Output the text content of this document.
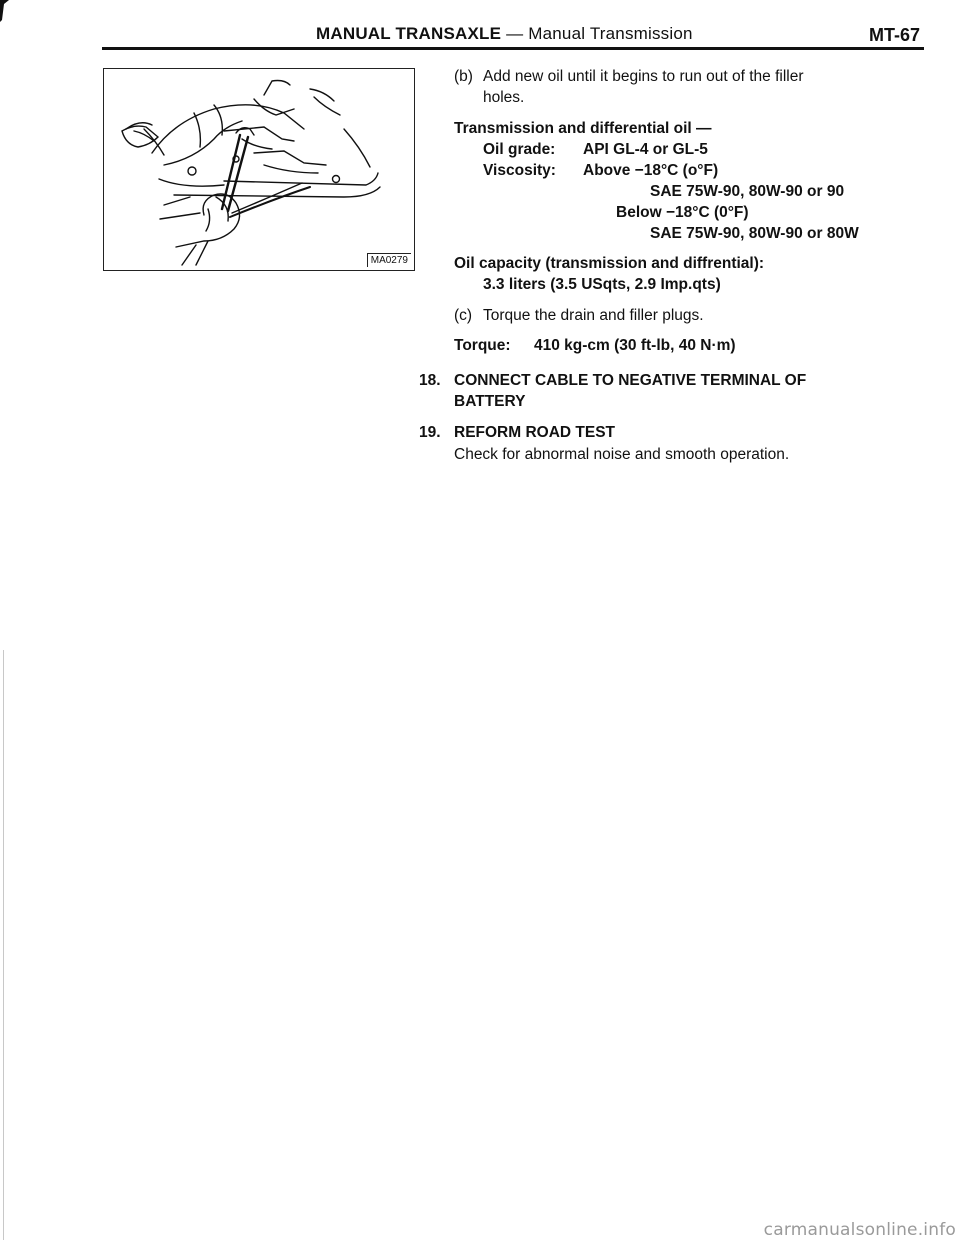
MANUAL TRANSAXLE — Manual Transmission	MT-67
MA0279
(b) Add new oil until it begins to run out of the filler
holes.
Transmission and differential oil —
Oil grade: API GL-4 or GL-5
Viscosity: Above −18°C (o°F)
SAE 75W-90, 80W-90 or 90
Below −18°C (0°F)
SAE 75W-90, 80W-90 or 80W
Oil capacity (transmission and diffrential):
3.3 liters (3.5 USqts, 2.9 Imp.qts)
(c) Torque the drain and filler plugs.
Torque: 410 kg-cm (30 ft-lb, 40 N·m)
18. CONNECT CABLE TO NEGATIVE TERMINAL OF
BATTERY
19. REFORM ROAD TEST
Check for abnormal noise and smooth operation.
carmanualsonline.info
